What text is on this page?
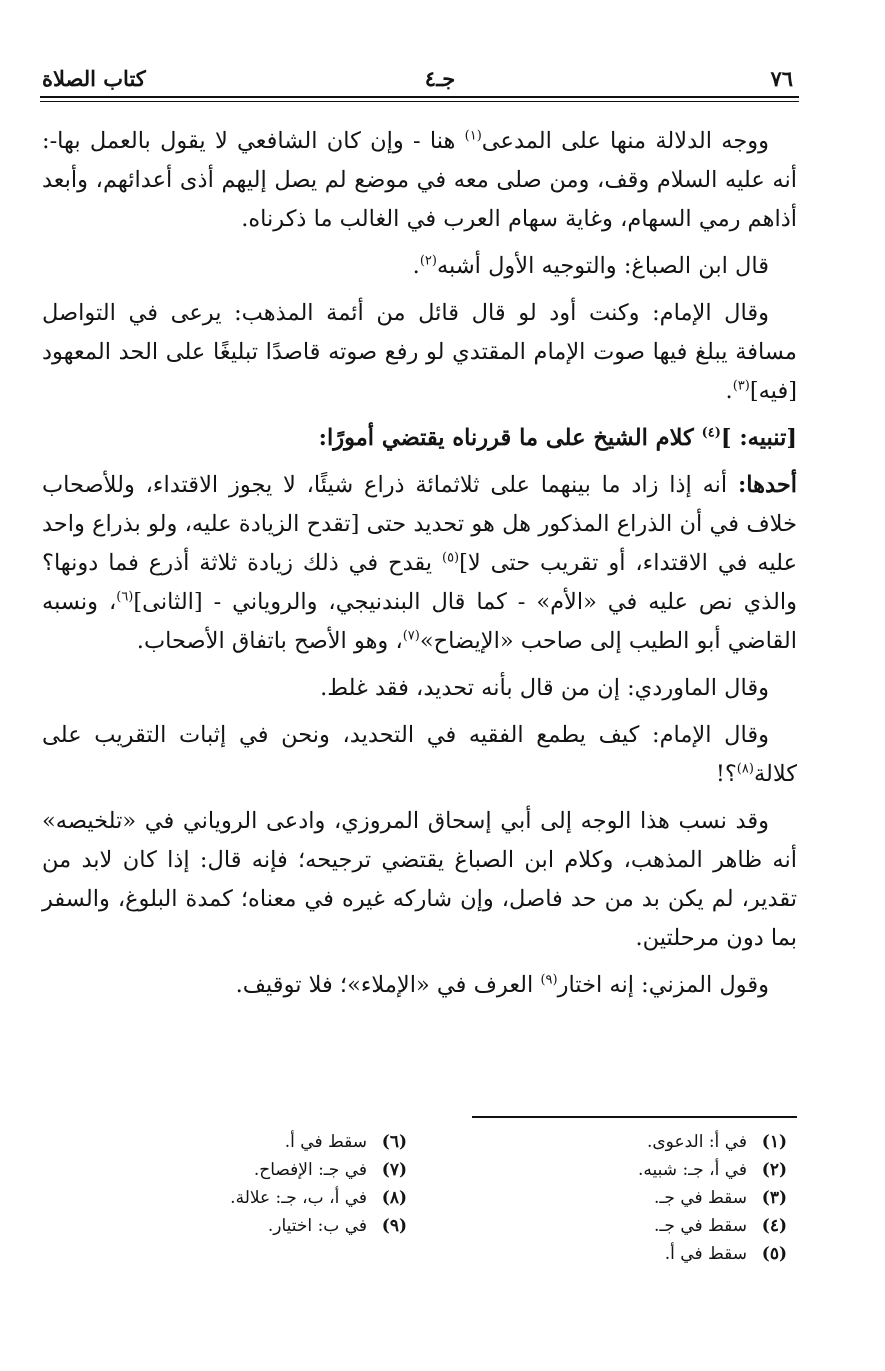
٧٦
جـ٤
كتاب الصلاة

ووجه الدلالة منها على المدعى$^{(١)}$ هنا - وإن كان الشافعي لا يقول بالعمل بها-: أنه عليه السلام وقف، ومن صلى معه في موضع لم يصل إليهم أذى أعدائهم، وأبعد أذاهم رمي السهام، وغاية سهام العرب في الغالب ما ذكرناه.

قال ابن الصباغ: والتوجيه الأول أشبه$^{(٢)}$.

وقال الإمام: وكنت أود لو قال قائل من أئمة المذهب: يرعى في التواصل مسافة يبلغ فيها صوت الإمام المقتدي لو رفع صوته قاصدًا تبليغًا على الحد المعهود [فيه]$^{(٣)}$.

[تنبيه: ]$^{(٤)}$ كلام الشيخ على ما قررناه يقتضي أمورًا:

أحدها: أنه إذا زاد ما بينهما على ثلاثمائة ذراع شيئًا، لا يجوز الاقتداء، وللأصحاب خلاف في أن الذراع المذكور هل هو تحديد حتى [تقدح الزيادة عليه، ولو بذراع واحد عليه في الاقتداء، أو تقريب حتى لا]$^{(٥)}$ يقدح في ذلك زيادة ثلاثة أذرع فما دونها؟ والذي نص عليه في «الأم» - كما قال البندنيجي، والروياني - [الثانى]$^{(٦)}$، ونسبه القاضي أبو الطيب إلى صاحب «الإيضاح»$^{(٧)}$، وهو الأصح باتفاق الأصحاب.

وقال الماوردي: إن من قال بأنه تحديد، فقد غلط.

وقال الإمام: كيف يطمع الفقيه في التحديد، ونحن في إثبات التقريب على كلالة$^{(٨)}$؟!

وقد نسب هذا الوجه إلى أبي إسحاق المروزي، وادعى الروياني في «تلخيصه» أنه ظاهر المذهب، وكلام ابن الصباغ يقتضي ترجيحه؛ فإنه قال: إذا كان لابد من تقدير، لم يكن بد من حد فاصل، وإن شاركه غيره في معناه؛ كمدة البلوغ، والسفر بما دون مرحلتين.

وقول المزني: إنه اختار$^{(٩)}$ العرف في «الإملاء»؛ فلا توقيف.

(١)في أ: الدعوى.
(٢)في أ، جـ: شبيه.
(٣)سقط في جـ.
(٤)سقط في جـ.
(٥)سقط في أ.
(٦)سقط في أ.
(٧)في جـ: الإفصاح.
(٨)في أ، ب، جـ: علالة.
(٩)في ب: اختيار.
